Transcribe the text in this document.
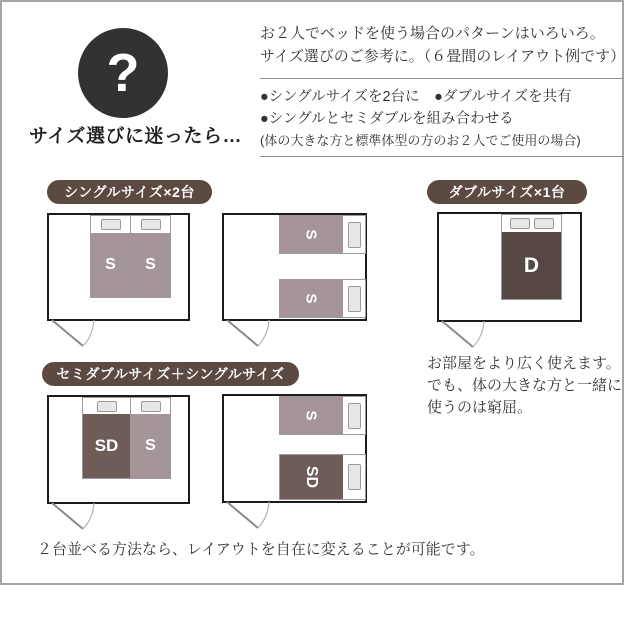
?
サイズ選びに迷ったら…
お２人でベッドを使う場合のパターンはいろいろ。
サイズ選びのご参考に。（６畳間のレイアウト例です）
●シングルサイズを2台に　●ダブルサイズを共有
●シングルとセミダブルを組み合わせる
(体の大きな方と標準体型の方のお２人でご使用の場合)
シングルサイズ×2台	ダブルサイズ×1台
セミダブルサイズ＋シングルサイズ
S S
S
S
D
SD S
S
SD
お部屋をより広く使えます。
でも、体の大きな方と一緒に
使うのは窮屈。
２台並べる方法なら、レイアウトを自在に変えることが可能です。
